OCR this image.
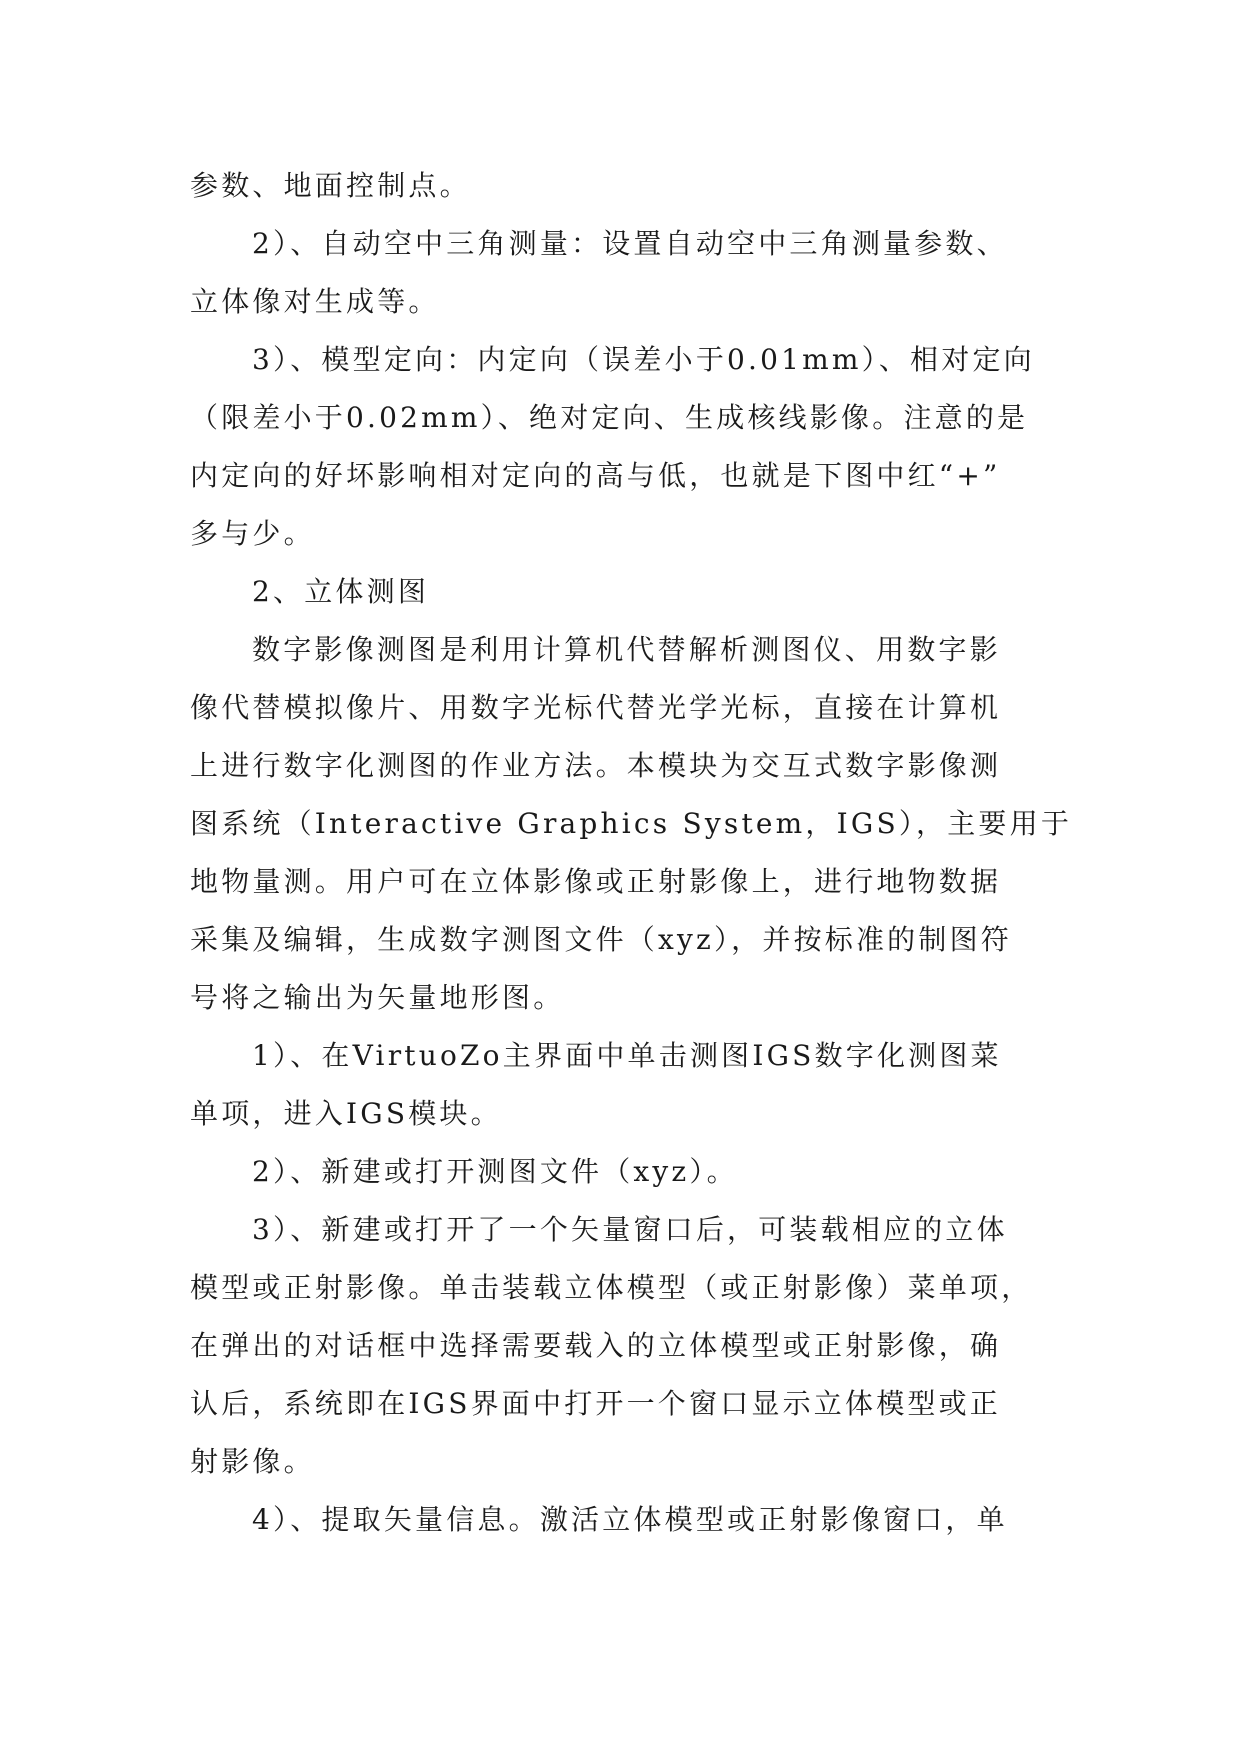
参数、地面控制点。
2）、自动空中三角测量：设置自动空中三角测量参数、
立体像对生成等。
3）、模型定向：内定向（误差小于0.01mm）、相对定向
（限差小于0.02mm）、绝对定向、生成核线影像。注意的是
内定向的好坏影响相对定向的高与低，也就是下图中红“+”
多与少。
2、立体测图
数字影像测图是利用计算机代替解析测图仪、用数字影
像代替模拟像片、用数字光标代替光学光标，直接在计算机
上进行数字化测图的作业方法。本模块为交互式数字影像测
图系统（Interactive Graphics System，IGS），主要用于
地物量测。用户可在立体影像或正射影像上，进行地物数据
采集及编辑，生成数字测图文件（xyz），并按标准的制图符
号将之输出为矢量地形图。
1）、在VirtuoZo主界面中单击测图IGS数字化测图菜
单项，进入IGS模块。
2）、新建或打开测图文件（xyz）。
3）、新建或打开了一个矢量窗口后，可装载相应的立体
模型或正射影像。单击装载立体模型（或正射影像）菜单项，
在弹出的对话框中选择需要载入的立体模型或正射影像，确
认后，系统即在IGS界面中打开一个窗口显示立体模型或正
射影像。
4）、提取矢量信息。激活立体模型或正射影像窗口，单
